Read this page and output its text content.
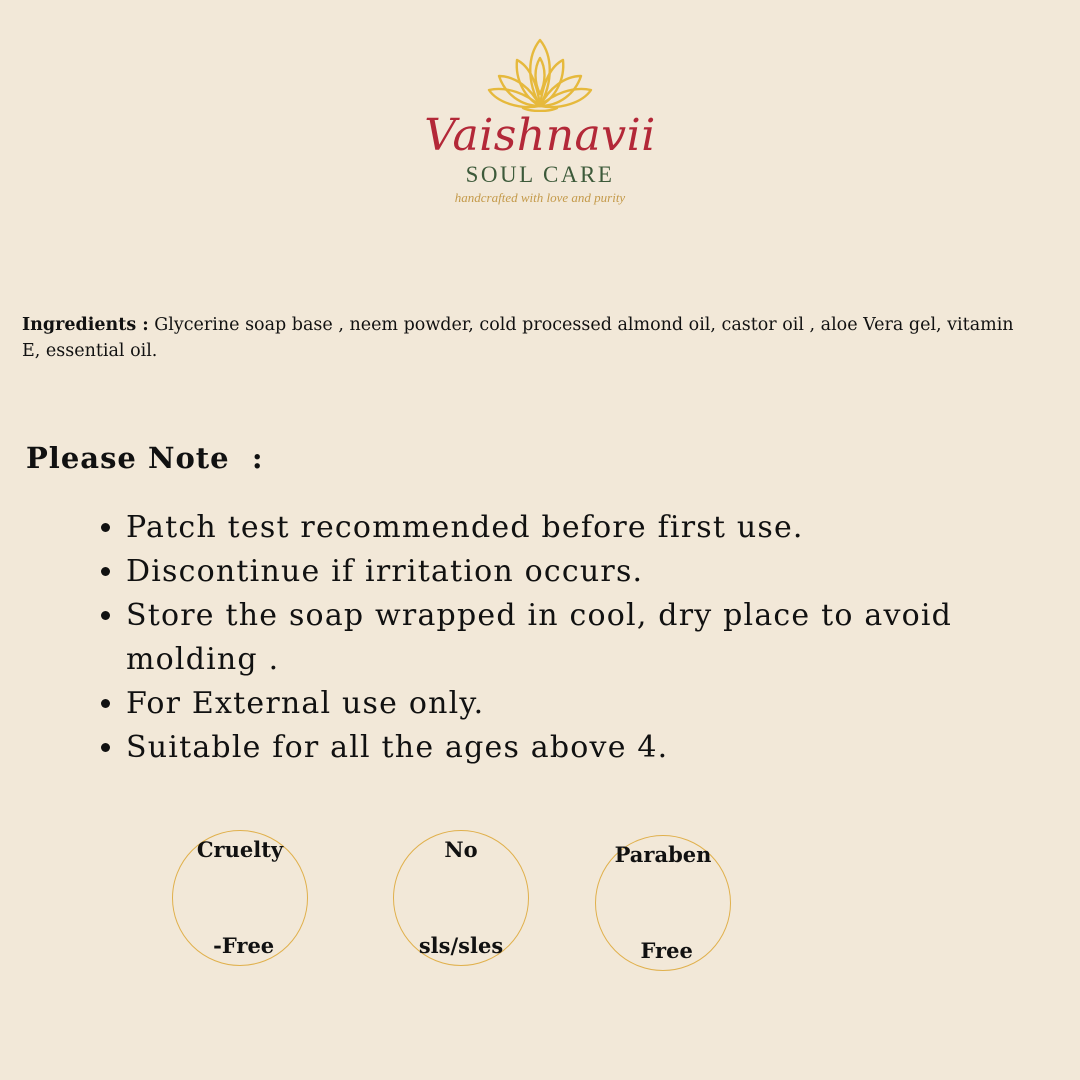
Vaishnavii
SOUL CARE
handcrafted with love and purity

Ingredients : Glycerine soap base , neem powder, cold processed almond oil, castor oil , aloe Vera gel, vitamin E, essential oil.

Please Note  :
• Patch test recommended before first use.
• Discontinue if irritation occurs.
• Store the soap wrapped in cool, dry place to avoid molding .
• For External use only.
• Suitable for all the ages above 4.

Cruelty

-Free

No

sls/sles

Paraben

Free
